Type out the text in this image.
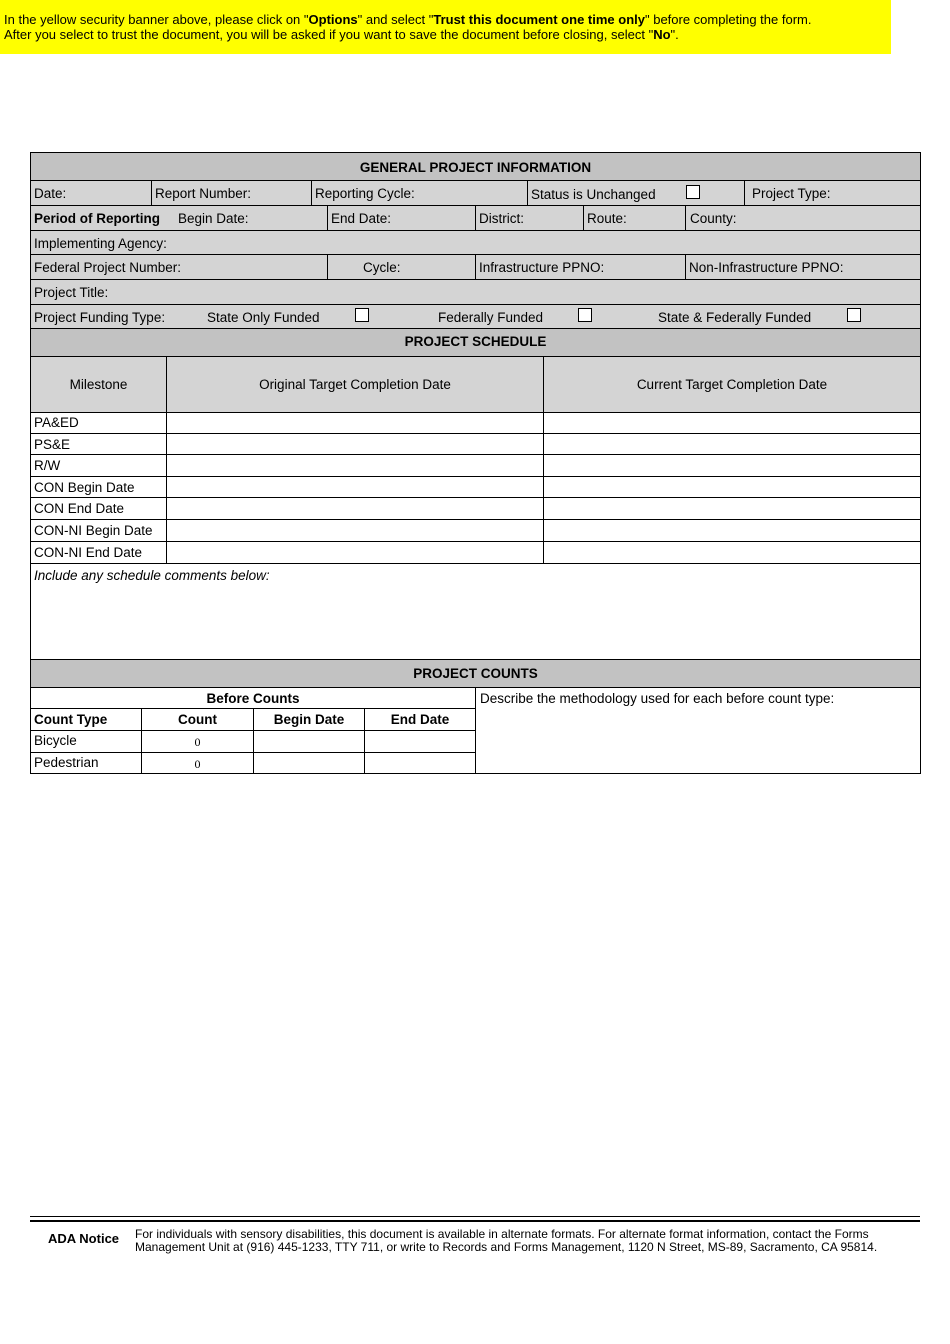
In the yellow security banner above, please click on "Options" and select "Trust this document one time only" before completing the form.
After you select to trust the document, you will be asked if you want to save the document before closing, select "No".
GENERAL PROJECT INFORMATION
Date:	Report Number:	Reporting Cycle:	Status is Unchanged	Project Type:
Period of Reporting Begin Date:	End Date:	District:	Route:	County:
Implementing Agency:
Federal Project Number:	Cycle:	Infrastructure PPNO:	Non-Infrastructure PPNO:
Project Title:
Project Funding Type:	State Only Funded	Federally Funded	State & Federally Funded
PROJECT SCHEDULE
Milestone	Original Target Completion Date	Current Target Completion Date
PA&ED
PS&E
R/W
CON Begin Date
CON End Date
CON-NI Begin Date
CON-NI End Date
Include any schedule comments below:
PROJECT COUNTS
Before Counts	Describe the methodology used for each before count type:
Count Type	Count	Begin Date	End Date
Bicycle	0
Pedestrian	0
ADA Notice For individuals with sensory disabilities, this document is available in alternate formats. For alternate format information, contact the Forms
Management Unit at (916) 445-1233, TTY 711, or write to Records and Forms Management, 1120 N Street, MS-89, Sacramento, CA 95814.
